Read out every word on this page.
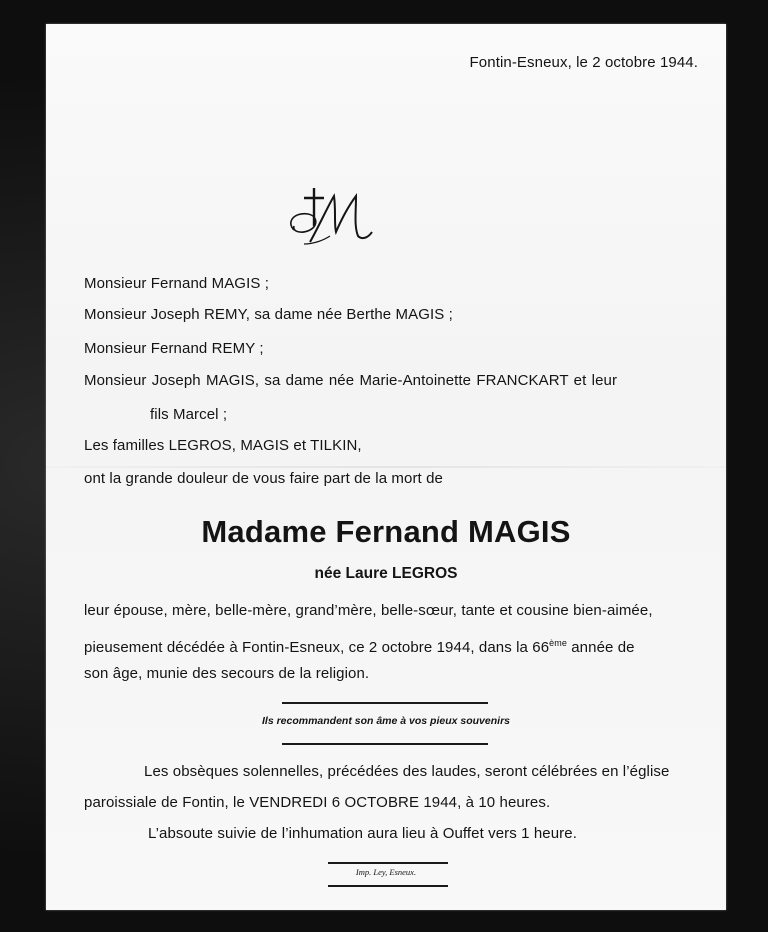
Fontin-Esneux, le 2 octobre 1944.
Monsieur Fernand MAGIS ;
Monsieur Joseph REMY, sa dame née Berthe MAGIS ;
Monsieur Fernand REMY ;
Monsieur Joseph MAGIS, sa dame née Marie-Antoinette FRANCKART et leur
fils Marcel ;
Les familles LEGROS, MAGIS et TILKIN,
ont la grande douleur de vous faire part de la mort de
Madame Fernand MAGIS
née Laure LEGROS
leur épouse, mère, belle-mère, grand’mère, belle-sœur, tante et cousine bien-aimée,
pieusement décédée à Fontin-Esneux, ce 2 octobre 1944, dans la 66ème année de
son âge, munie des secours de la religion.
Ils recommandent son âme à vos pieux souvenirs
Les obsèques solennelles, précédées des laudes, seront célébrées en l’église
paroissiale de Fontin, le VENDREDI 6 OCTOBRE 1944, à 10 heures.
L’absoute suivie de l’inhumation aura lieu à Ouffet vers 1 heure.
Imp. Ley, Esneux.
